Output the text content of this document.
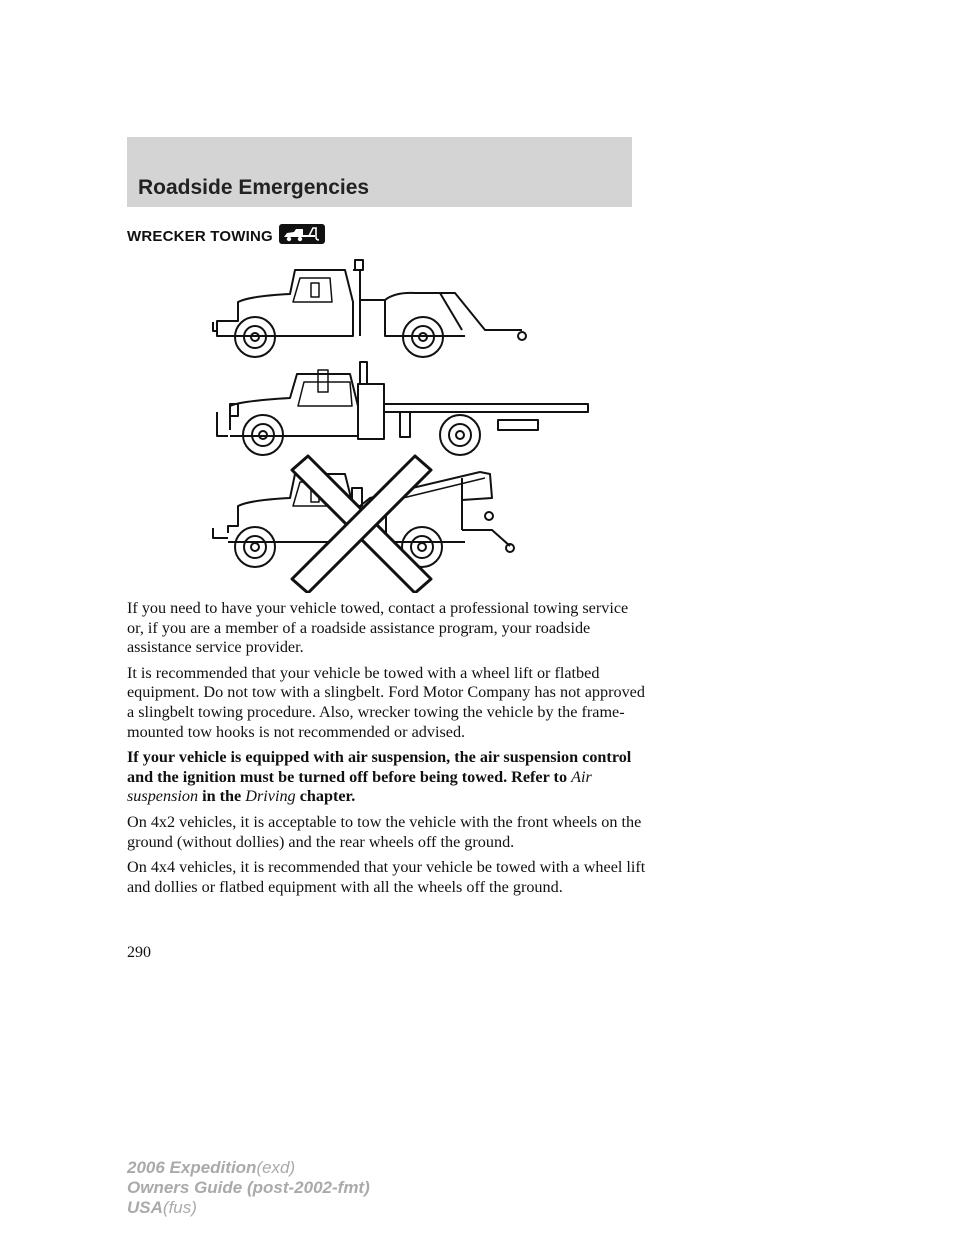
Roadside Emergencies
WRECKER TOWING

If you need to have your vehicle towed, contact a professional towing service or, if you are a member of a roadside assistance program, your roadside assistance service provider.

It is recommended that your vehicle be towed with a wheel lift or flatbed equipment. Do not tow with a slingbelt. Ford Motor Company has not approved a slingbelt towing procedure. Also, wrecker towing the vehicle by the frame-mounted tow hooks is not recommended or advised.

If your vehicle is equipped with air suspension, the air suspension control and the ignition must be turned off before being towed. Refer to Air suspension in the Driving chapter.

On 4x2 vehicles, it is acceptable to tow the vehicle with the front wheels on the ground (without dollies) and the rear wheels off the ground.

On 4x4 vehicles, it is recommended that your vehicle be towed with a wheel lift and dollies or flatbed equipment with all the wheels off the ground.

290
2006 Expedition(exd)
Owners Guide (post-2002-fmt)
USA(fus)
